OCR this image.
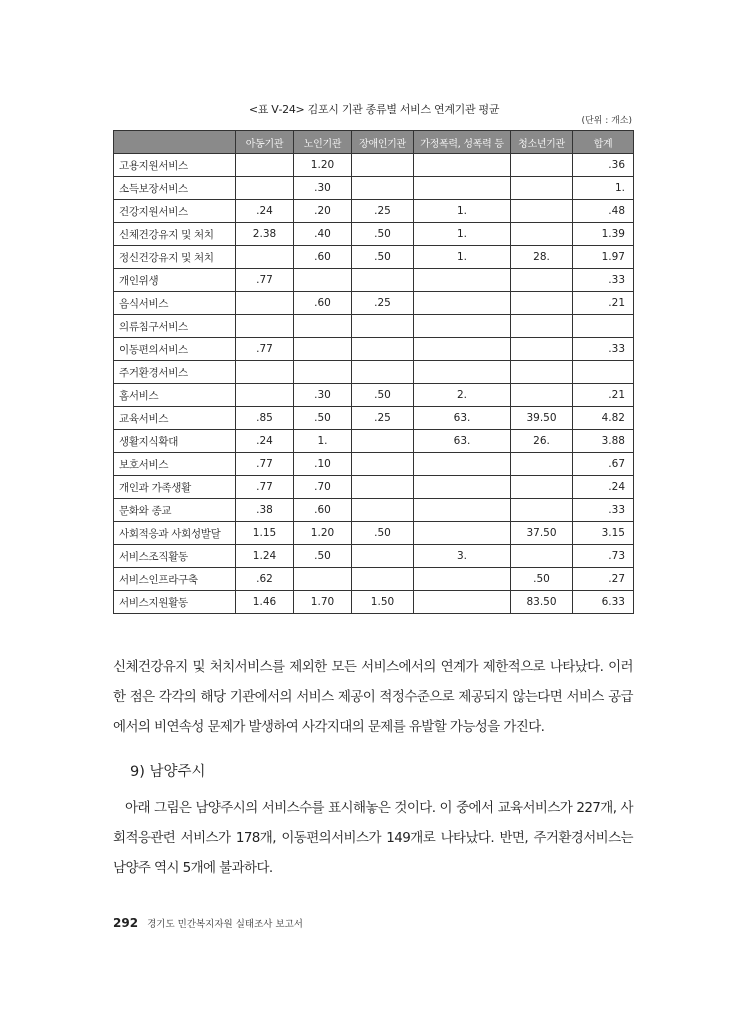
<표 Ⅴ-24> 김포시 기관 종류별 서비스 연계기관 평균
(단위 : 개소)
	아동기관	노인기관	장애인기관	가정폭력, 성폭력 등	청소년기관	합계
고용지원서비스		1.20				.36
소득보장서비스		.30				1.
건강지원서비스	.24	.20	.25	1.		.48
신체건강유지 및 처치	2.38	.40	.50	1.		1.39
정신건강유지 및 처치		.60	.50	1.	28.	1.97
개인위생	.77					.33
음식서비스		.60	.25			.21
의류침구서비스						
이동편의서비스	.77					.33
주거환경서비스						
홈서비스		.30	.50	2.		.21
교육서비스	.85	.50	.25	63.	39.50	4.82
생활지식확대	.24	1.		63.	26.	3.88
보호서비스	.77	.10				.67
개인과 가족생활	.77	.70				.24
문화와 종교	.38	.60				.33
사회적응과 사회성발달	1.15	1.20	.50		37.50	3.15
서비스조직활동	1.24	.50		3.		.73
서비스인프라구축	.62				.50	.27
서비스지원활동	1.46	1.70	1.50		83.50	6.33
신체건강유지 및 처치서비스를 제외한 모든 서비스에서의 연계가 제한적으로 나타났다. 이러한 점은 각각의 해당 기관에서의 서비스 제공이 적정수준으로 제공되지 않는다면 서비스 공급에서의 비연속성 문제가 발생하여 사각지대의 문제를 유발할 가능성을 가진다.
9) 남양주시
아래 그림은 남양주시의 서비스수를 표시해놓은 것이다. 이 중에서 교육서비스가 227개, 사회적응관련 서비스가 178개, 이동편의서비스가 149개로 나타났다. 반면, 주거환경서비스는 남양주 역시 5개에 불과하다.
292 경기도 민간복지자원 실태조사 보고서
